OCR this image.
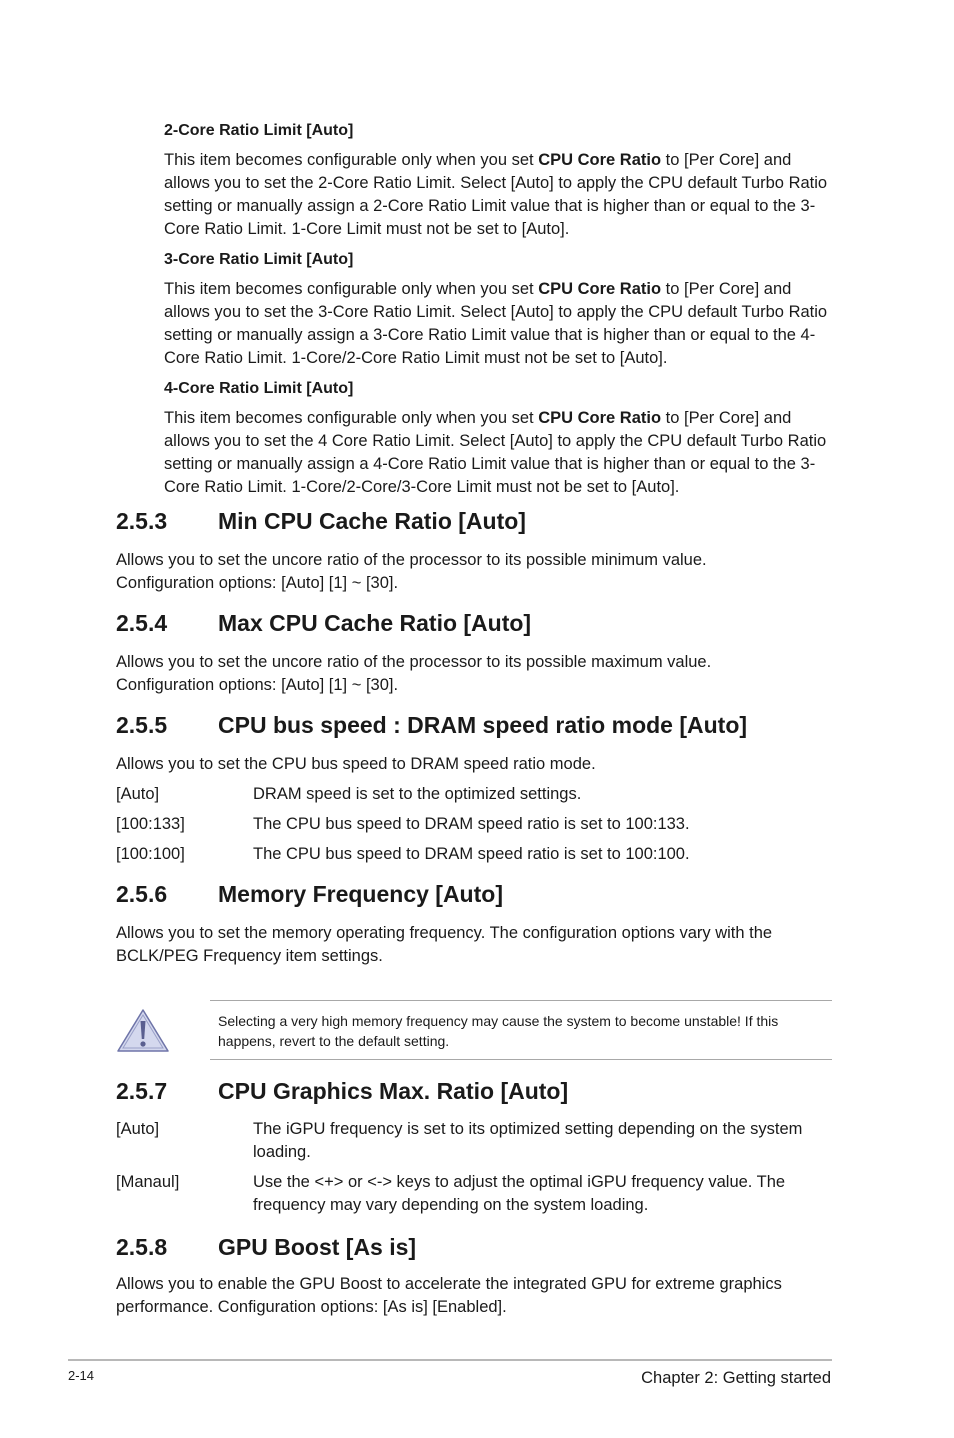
2-Core Ratio Limit [Auto]
This item becomes configurable only when you set CPU Core Ratio to [Per Core] and allows you to set the 2-Core Ratio Limit. Select [Auto] to apply the CPU default Turbo Ratio setting or manually assign a 2-Core Ratio Limit value that is higher than or equal to the 3-Core Ratio Limit. 1-Core Limit must not be set to [Auto].
3-Core Ratio Limit [Auto]
This item becomes configurable only when you set CPU Core Ratio to [Per Core] and allows you to set the 3-Core Ratio Limit. Select [Auto] to apply the CPU default Turbo Ratio setting or manually assign a 3-Core Ratio Limit value that is higher than or equal to the 4-Core Ratio Limit. 1-Core/2-Core Ratio Limit must not be set to [Auto].
4-Core Ratio Limit [Auto]
This item becomes configurable only when you set CPU Core Ratio to [Per Core] and allows you to set the 4 Core Ratio Limit. Select [Auto] to apply the CPU default Turbo Ratio setting or manually assign a 4-Core Ratio Limit value that is higher than or equal to the 3-Core Ratio Limit. 1-Core/2-Core/3-Core Limit must not be set to [Auto].
2.5.3	Min CPU Cache Ratio [Auto]
Allows you to set the uncore ratio of the processor to its possible minimum value.
Configuration options: [Auto] [1] ~ [30].
2.5.4	Max CPU Cache Ratio [Auto]
Allows you to set the uncore ratio of the processor to its possible maximum value.
Configuration options: [Auto] [1] ~ [30].
2.5.5	CPU bus speed : DRAM speed ratio mode [Auto]
Allows you to set the CPU bus speed to DRAM speed ratio mode.
[Auto]	DRAM speed is set to the optimized settings.
[100:133]	The CPU bus speed to DRAM speed ratio is set to 100:133.
[100:100]	The CPU bus speed to DRAM speed ratio is set to 100:100.
2.5.6	Memory Frequency [Auto]
Allows you to set the memory operating frequency. The configuration options vary with the BCLK/PEG Frequency item settings.
Selecting a very high memory frequency may cause the system to become unstable! If this happens, revert to the default setting.
2.5.7	CPU Graphics Max. Ratio [Auto]
[Auto]	The iGPU frequency is set to its optimized setting depending on the system loading.
[Manaul]	Use the <+> or <-> keys to adjust the optimal iGPU frequency value. The frequency may vary depending on the system loading.
2.5.8	GPU Boost [As is]
Allows you to enable the GPU Boost to accelerate the integrated GPU for extreme graphics performance. Configuration options: [As is] [Enabled].
2-14	Chapter 2: Getting started
